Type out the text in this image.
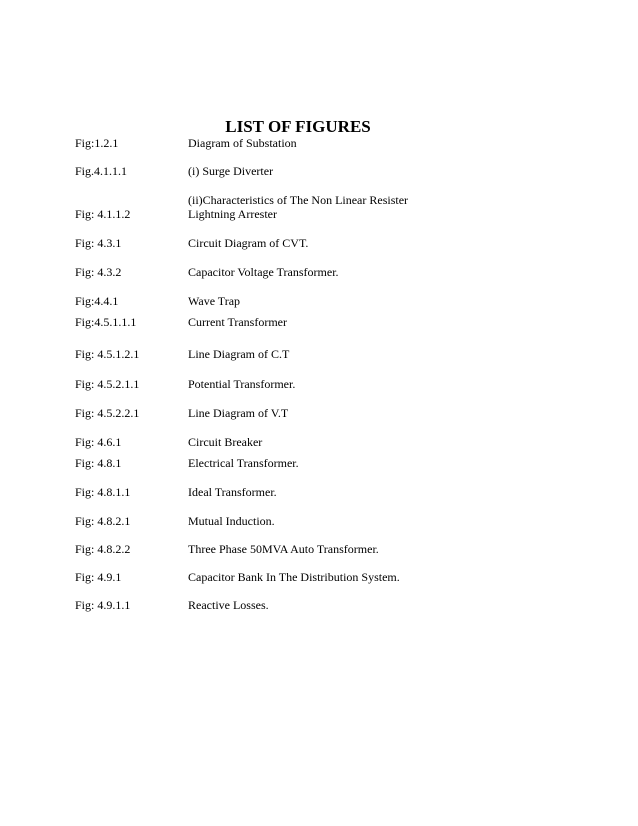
LIST OF FIGURES
Fig:1.2.1	Diagram of Substation
Fig.4.1.1.1	(i) Surge Diverter
(ii)Characteristics of The Non Linear Resister
Fig: 4.1.1.2	Lightning Arrester
Fig: 4.3.1	Circuit Diagram of CVT.
Fig: 4.3.2	Capacitor Voltage Transformer.
Fig:4.4.1	Wave Trap
Fig:4.5.1.1.1	Current Transformer
Fig: 4.5.1.2.1	Line Diagram of C.T
Fig: 4.5.2.1.1	Potential Transformer.
Fig: 4.5.2.2.1	Line Diagram of V.T
Fig: 4.6.1	Circuit Breaker
Fig: 4.8.1	Electrical Transformer.
Fig: 4.8.1.1	Ideal Transformer.
Fig: 4.8.2.1	Mutual Induction.
Fig: 4.8.2.2	Three Phase 50MVA Auto Transformer.
Fig: 4.9.1	Capacitor Bank In The Distribution System.
Fig: 4.9.1.1	Reactive Losses.
